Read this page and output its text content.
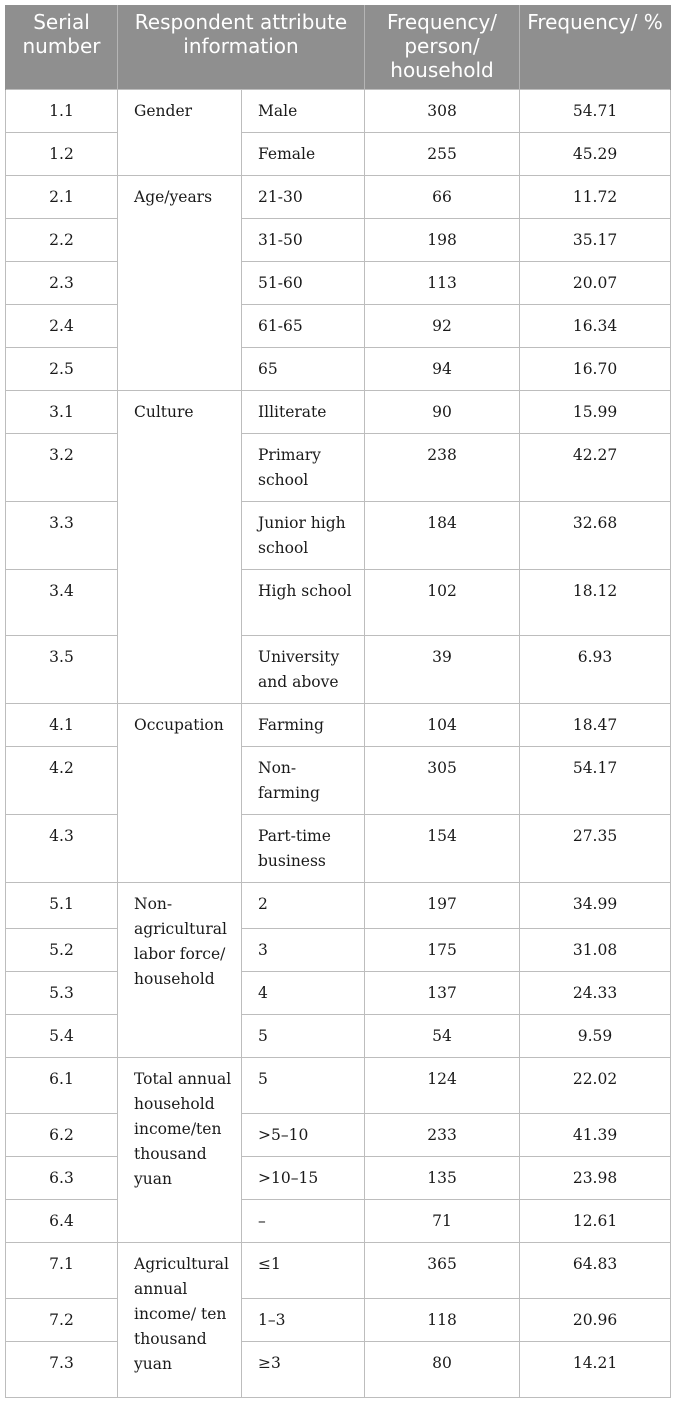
Serial number	Respondent attribute information		Frequency/ person/ household	Frequency/ %
1.1	Gender	Male	308	54.71
1.2		Female	255	45.29
2.1	Age/years	21-30	66	11.72
2.2		31-50	198	35.17
2.3		51-60	113	20.07
2.4		61-65	92	16.34
2.5		65	94	16.70
3.1	Culture	Illiterate	90	15.99
3.2		Primary school	238	42.27
3.3		Junior high school	184	32.68
3.4		High school	102	18.12
3.5		University and above	39	6.93
4.1	Occupation	Farming	104	18.47
4.2		Non-farming	305	54.17
4.3		Part-time business	154	27.35
5.1	Non-agricultural labor force/ household	2	197	34.99
5.2		3	175	31.08
5.3		4	137	24.33
5.4		5	54	9.59
6.1	Total annual household income/ten thousand yuan	5	124	22.02
6.2		>5–10	233	41.39
6.3		>10–15	135	23.98
6.4		–	71	12.61
7.1	Agricultural annual income/ ten thousand yuan	≤1	365	64.83
7.2		1–3	118	20.96
7.3		≥3	80	14.21
